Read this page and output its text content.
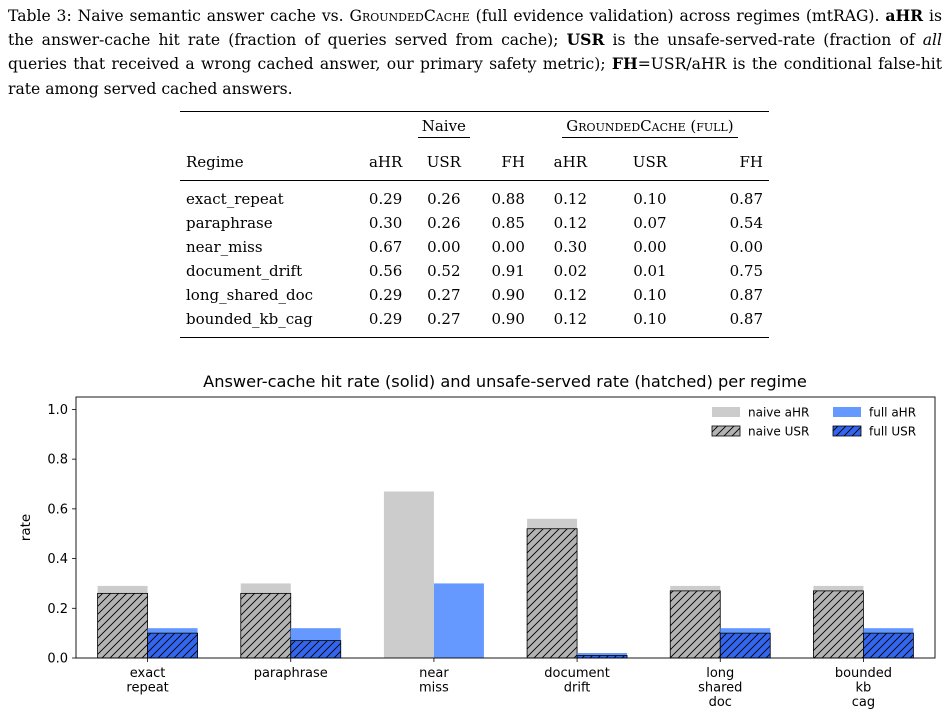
Table 3: Naive semantic answer cache vs. GroundedCache (full evidence validation) across regimes (mtRAG). aHR is the answer-cache hit rate (fraction of queries served from cache); USR is the unsafe-served-rate (fraction of all queries that received a wrong cached answer, our primary safety metric); FH=USR/aHR is the conditional false-hit rate among served cached answers.
	Naive			GroundedCache (full)		
Regime	aHR	USR	FH	aHR	USR	FH
exact_repeat	0.29	0.26	0.88	0.12	0.10	0.87
paraphrase	0.30	0.26	0.85	0.12	0.07	0.54
near_miss	0.67	0.00	0.00	0.30	0.00	0.00
document_drift	0.56	0.52	0.91	0.02	0.01	0.75
long_shared_doc	0.29	0.27	0.90	0.12	0.10	0.87
bounded_kb_cag	0.29	0.27	0.90	0.12	0.10	0.87
Answer-cache hit rate (solid) and unsafe-served rate (hatched) per regime
rate
exact
repeat
paraphrase	near
miss
document
drift
long
shared
doc
bounded
kb
cag
0.0
0.2
0.4
0.6
0.8
1.0	naive aHR	full aHR
naive USR	full USR
